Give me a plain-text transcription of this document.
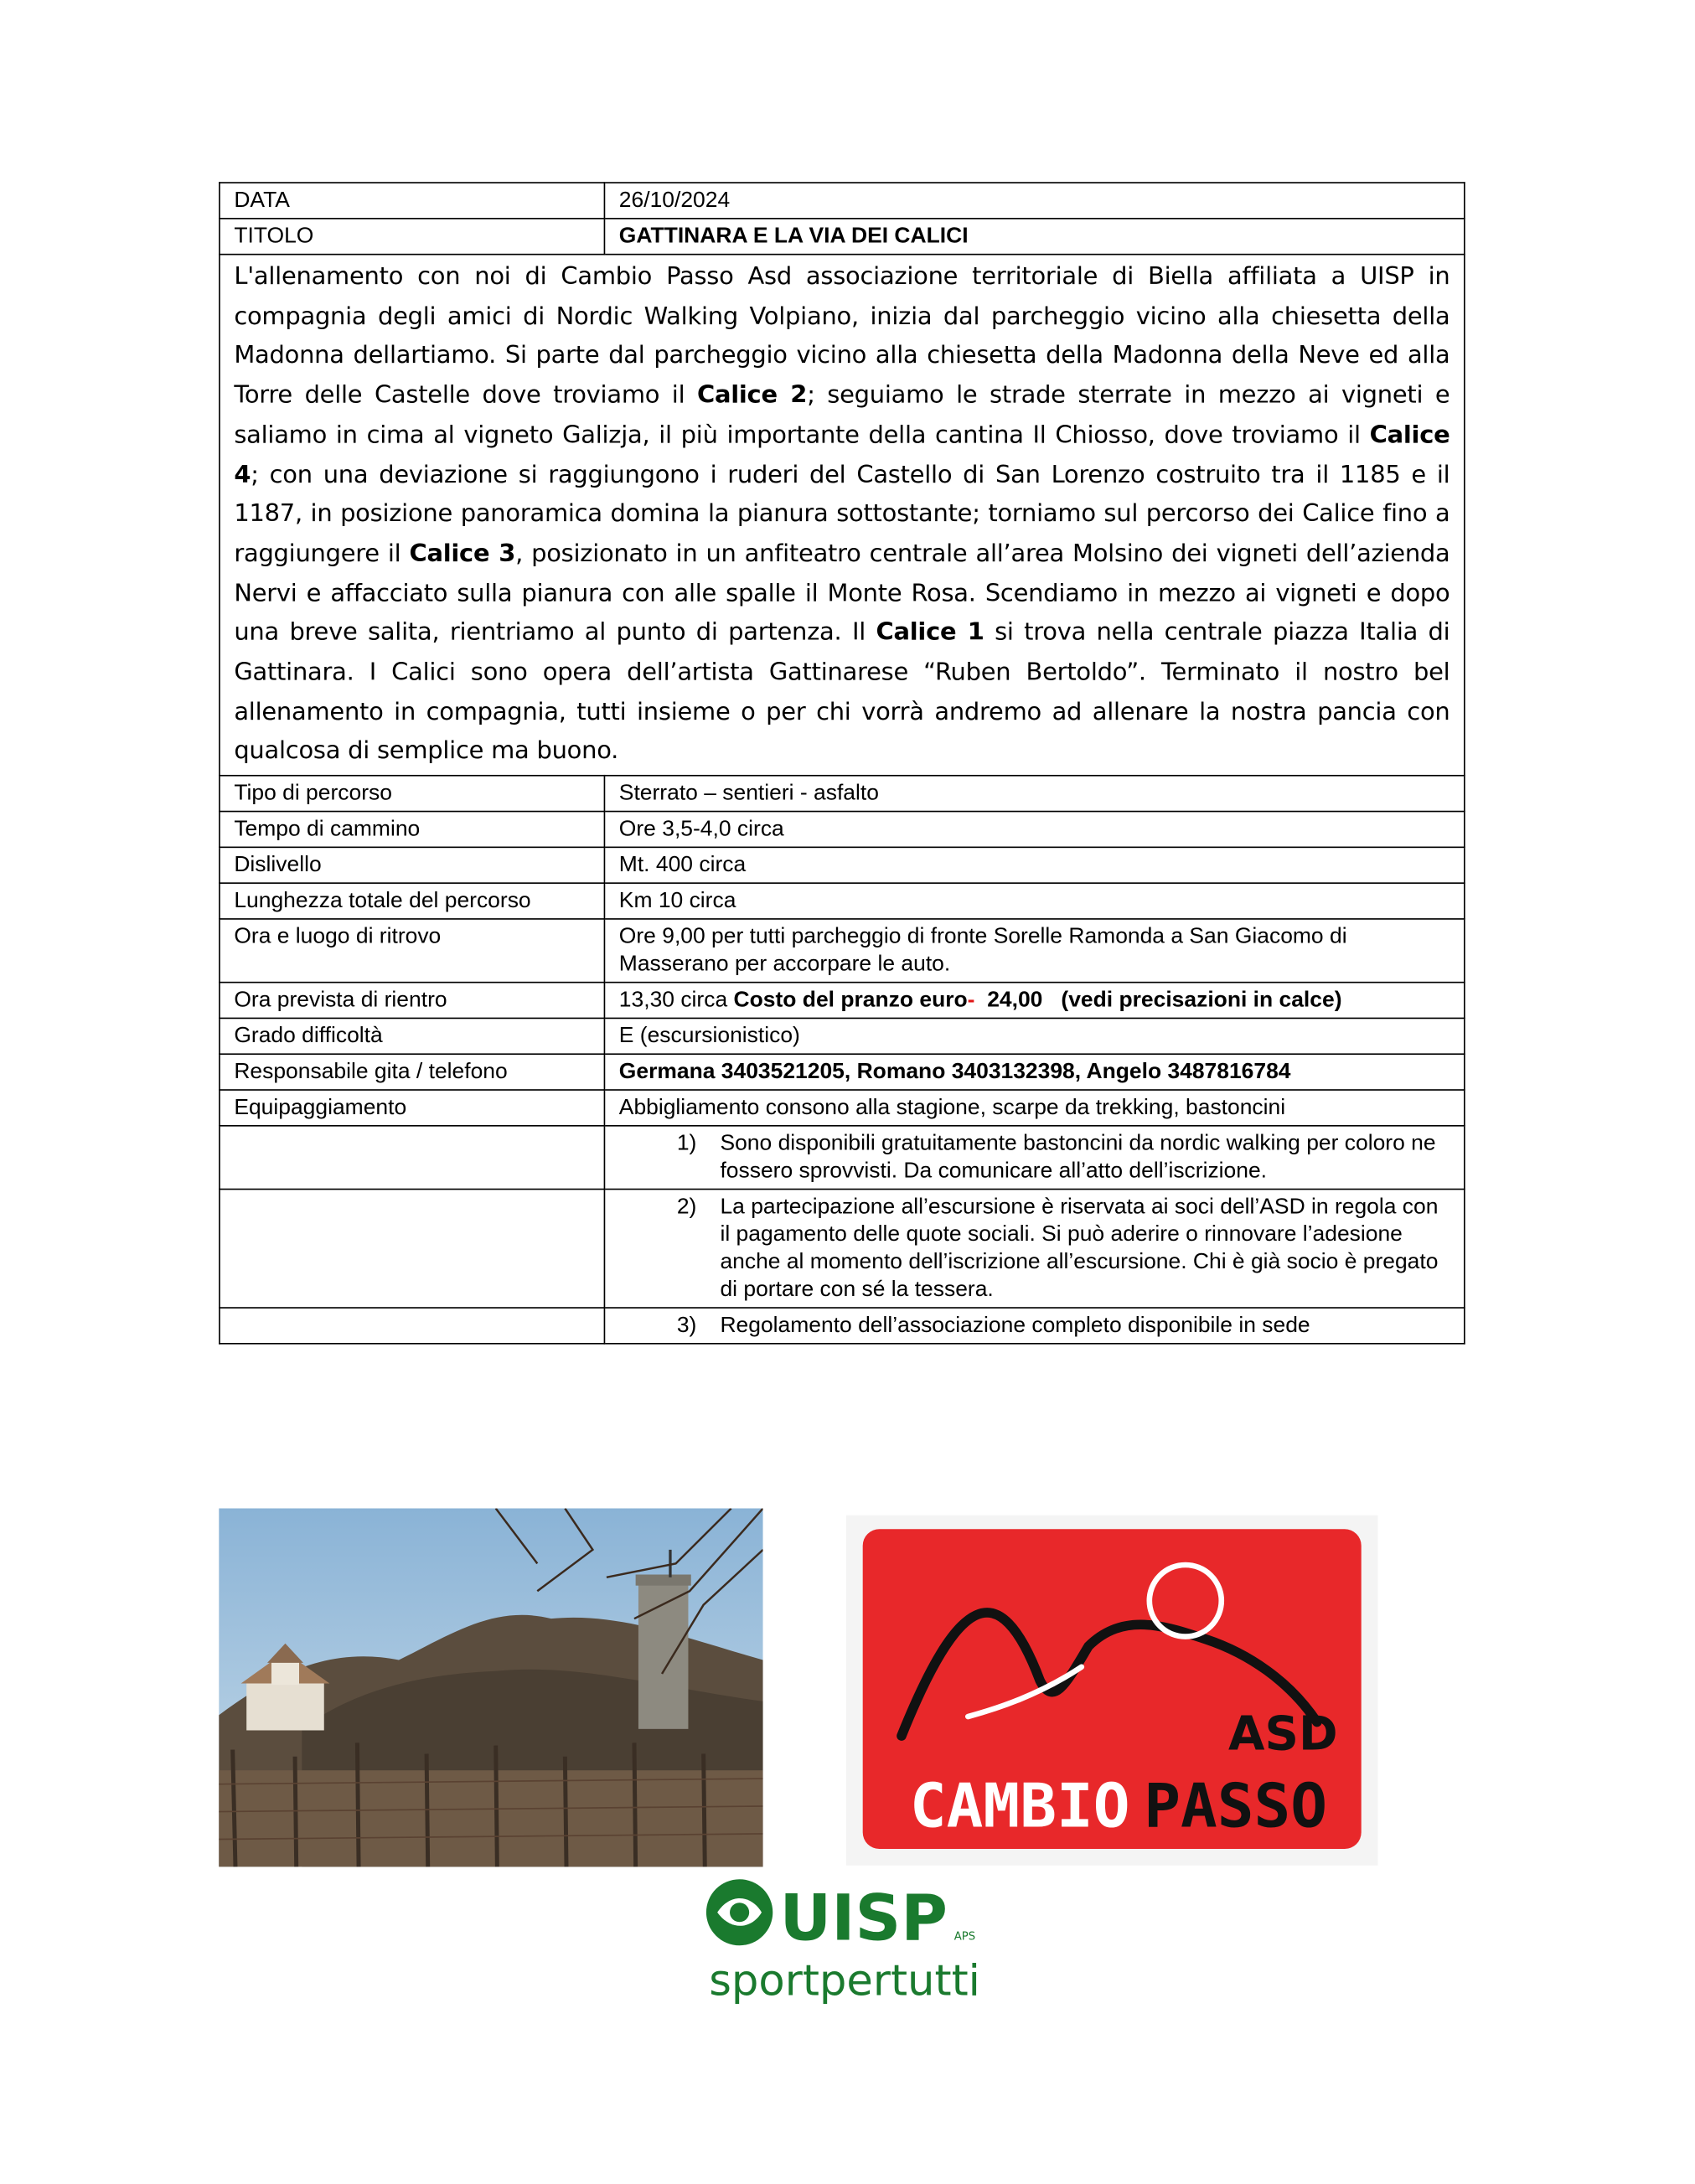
DATA	26/10/2024
TITOLO	GATTINARA E LA VIA DEI CALICI
L'allenamento con noi di Cambio Passo Asd associazione territoriale di Biella affiliata a UISP in compagnia degli amici di Nordic Walking Volpiano, inizia dal parcheggio vicino alla chiesetta della Madonna dellartiamo. Si parte dal parcheggio vicino alla chiesetta della Madonna della Neve ed alla Torre delle Castelle dove troviamo il Calice 2; seguiamo le strade sterrate in mezzo ai vigneti e saliamo in cima al vigneto Galizja, il più importante della cantina Il Chiosso, dove troviamo il Calice 4; con una deviazione si raggiungono i ruderi del Castello di San Lorenzo costruito tra il 1185 e il 1187, in posizione panoramica domina la pianura sottostante; torniamo sul percorso dei Calice fino a raggiungere il Calice 3, posizionato in un anfiteatro centrale all’area Molsino dei vigneti dell’azienda Nervi e affacciato sulla pianura con alle spalle il Monte Rosa. Scendiamo in mezzo ai vigneti e dopo una breve salita, rientriamo al punto di partenza. Il Calice 1 si trova nella centrale piazza Italia di Gattinara. I Calici sono opera dell’artista Gattinarese “Ruben Bertoldo”. Terminato il nostro bel allenamento in compagnia, tutti insieme o per chi vorrà andremo ad allenare la nostra pancia con qualcosa di semplice ma buono.	
Tipo di percorso	Sterrato – sentieri - asfalto
Tempo di cammino	Ore 3,5-4,0 circa
Dislivello	Mt. 400 circa
Lunghezza totale del percorso	Km 10 circa
Ora e luogo di ritrovo	Ore 9,00 per tutti parcheggio di fronte Sorelle Ramonda a San Giacomo di Masserano per accorpare le auto.
Ora prevista di rientro	13,30 circa Costo del pranzo euro-  24,00   (vedi precisazioni in calce)
Grado difficoltà	E (escursionistico)
Responsabile gita / telefono	Germana 3403521205, Romano 3403132398, Angelo 3487816784
Equipaggiamento	Abbigliamento consono alla stagione, scarpe da trekking, bastoncini

	1) Sono disponibili gratuitamente bastoncini da nordic walking per coloro ne fossero sprovvisti. Da comunicare all’atto dell’iscrizione.

	2) La partecipazione all’escursione è riservata ai soci dell’ASD in regola con il pagamento delle quote sociali. Si può aderire o rinnovare l’adesione anche al momento dell’iscrizione all’escursione. Chi è già socio è pregato di portare con sé la tessera.

	3) Regolamento dell’associazione completo disponibile in sede
ASD
CAMBIO PASSO
UISP APS
sportpertutti
